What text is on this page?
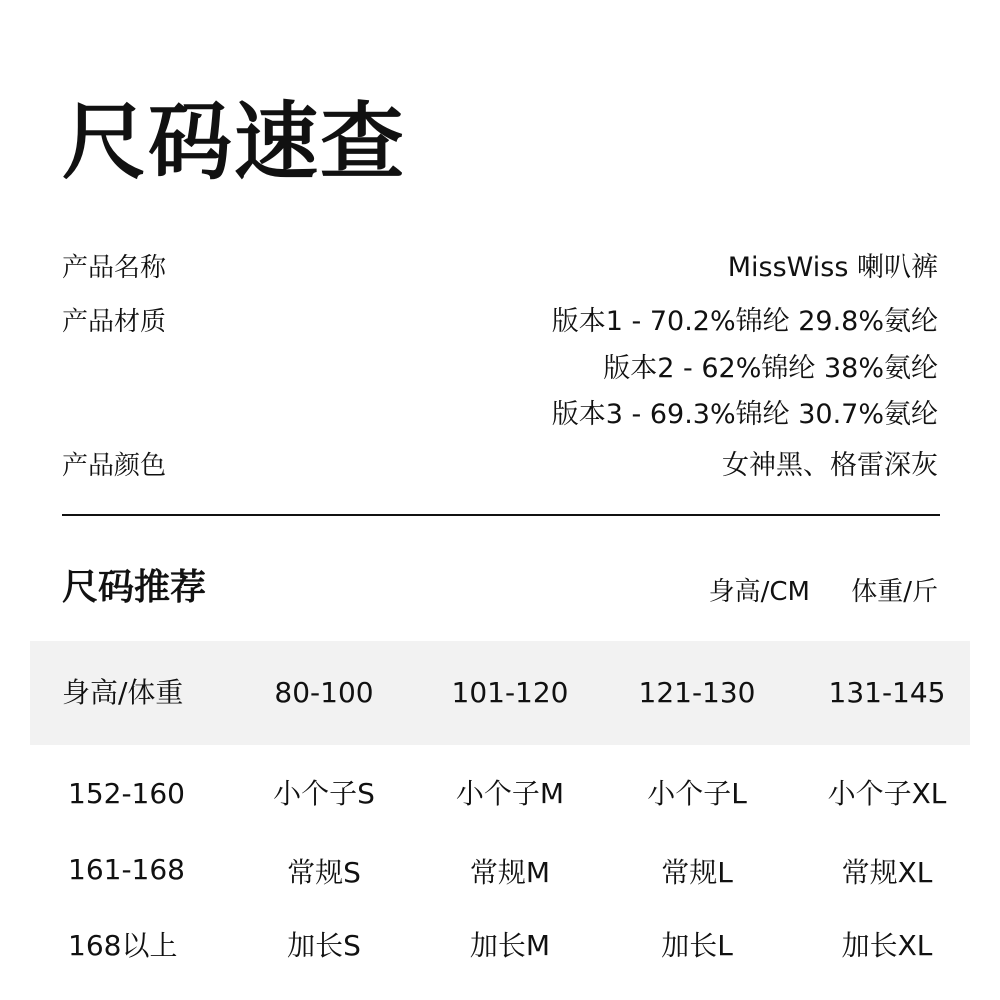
尺码速查
产品名称	MissWiss 喇叭裤
产品材质	版本1 - 70.2%锦纶 29.8%氨纶
版本2 - 62%锦纶 38%氨纶
版本3 - 69.3%锦纶 30.7%氨纶
产品颜色	女神黑、格雷深灰
尺码推荐	身高/CM 体重/斤
身高/体重	80-100	101-120	121-130	131-145
152-160	小个子S	小个子M	小个子L	小个子XL
161-168	常规S	常规M	常规L	常规XL
168以上	加长S	加长M	加长L	加长XL
